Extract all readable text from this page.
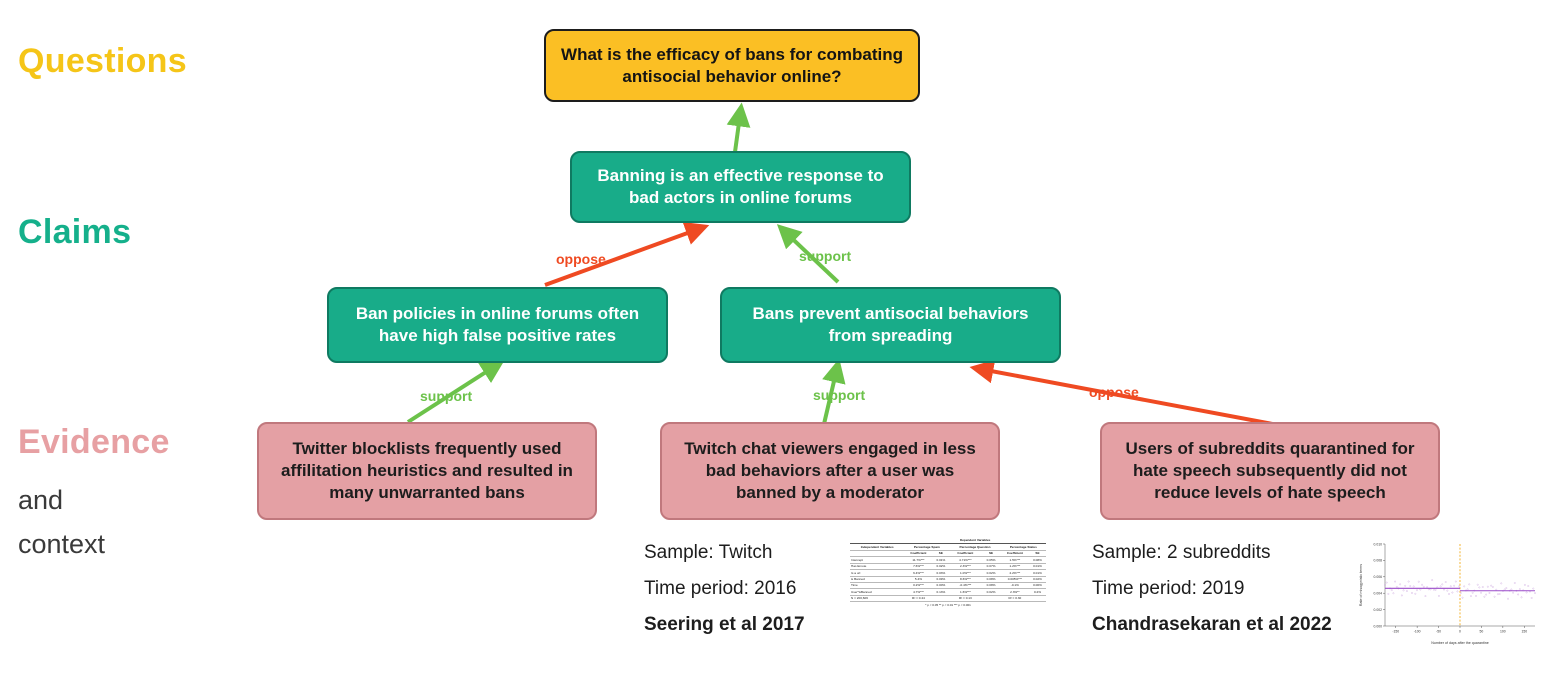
Questions
Claims
Evidence
and
context
oppose	support
support	support	oppose
What is the efficacy of bans for combating antisocial behavior online?
Banning is an effective response to bad actors in online forums
Ban policies in online forums often have high false positive rates
Bans prevent antisocial behaviors from spreading
Twitter blocklists frequently used affilitation heuristics and resulted in many unwarranted bans
Twitch chat viewers engaged in less bad behaviors after a user was banned by a moderator
Users of subreddits quarantined for hate speech subsequently did not reduce levels of hate speech
Sample: Twitch
Time period: 2016
Seering et al 2017
Sample: 2 subreddits
Time period: 2019
Chandrasekaran et al 2022
	Dependent Variables					
Independent Variables	Percentage Spam		Percentage Question		Percentage Status	
	Coefficient	SE	Coefficient	SE	Coefficient	SE
Intercept	11.7%***	0.01%	4.71%***	0.05%	1.5%***	0.08%
Has Emote	7.6%***	0.02%	2.3%***	0.07%	1.2%***	0.01%
Is a url	6.4%***	0.03%	1.0%***	0.02%	2.2%***	0.01%
is Banned	5.4%	0.09%	8.6%***	0.08%	0.005%***	0.02%
Time	0.2%***	0.00%	-0.4%***	0.08%	-0.1%	0.00%
User*isBanned	4.7%***	0.13%	1.6%***	0.02%	2.3%**	0.2%
N = 200,606	R² = 0.44		R² = 0.13		R² = 0.30	
* p < 0.05 ** p < 0.01 *** p < 0.001
0.010
0.008
0.006
0.004
0.002
0.000
-150	-100	-50	0	50	100	150
Number of days after the quarantine
Rate of misogynistic terms
